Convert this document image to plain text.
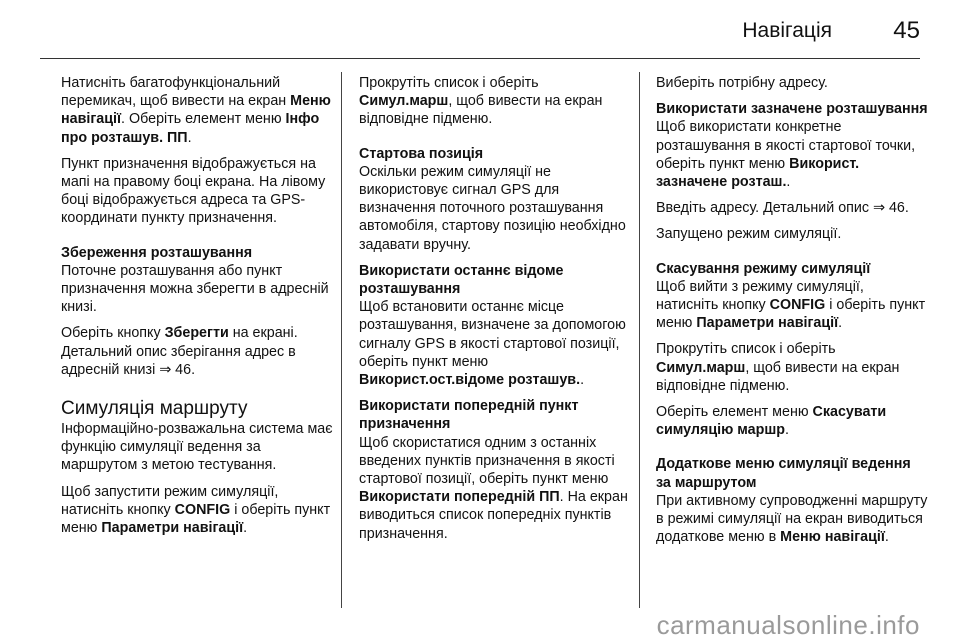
Навігація	45

Натисніть багатофункціональний перемикач, щоб вивести на екран Меню навігації. Оберіть елемент меню Інфо про розташув. ПП.

Пункт призначення відображується на мапі на правому боці екрана. На лівому боці відображується адреса та GPS-координати пункту призначення.

Збереження розташування

Поточне розташування або пункт призначення можна зберегти в адресній книзі.

Оберіть кнопку Зберегти на екрані. Детальний опис зберігання адрес в адресній книзі ⇒ 46.

Симуляція маршруту

Інформаційно-розважальна система має функцію симуляції ведення за маршрутом з метою тестування.

Щоб запустити режим симуляції, натисніть кнопку CONFIG і оберіть пункт меню Параметри навігації.

Прокрутіть список і оберіть Симул.марш, щоб вивести на екран відповідне підменю.

Стартова позиція

Оскільки режим симуляції не використовує сигнал GPS для визначення поточного розташування автомобіля, стартову позицію необхідно задавати вручну.

Використати останнє відоме розташування

Щоб встановити останнє місце розташування, визначене за допомогою сигналу GPS в якості стартової позиції, оберіть пункт меню Використ.ост.відоме розташув..

Використати попередній пункт призначення

Щоб скористатися одним з останніх введених пунктів призначення в якості стартової позиції, оберіть пункт меню Використати попередній ПП. На екран виводиться список попередніх пунктів призначення.

Виберіть потрібну адресу.

Використати зазначене розташування

Щоб використати конкретне розташування в якості стартової точки, оберіть пункт меню Використ. зазначене розташ..

Введіть адресу. Детальний опис ⇒ 46.

Запущено режим симуляції.

Скасування режиму симуляції

Щоб вийти з режиму симуляції, натисніть кнопку CONFIG і оберіть пункт меню Параметри навігації.

Прокрутіть список і оберіть Симул.марш, щоб вивести на екран відповідне підменю.

Оберіть елемент меню Скасувати симуляцію маршр.

Додаткове меню симуляції ведення за маршрутом

При активному супроводженні маршруту в режимі симуляції на екран виводиться додаткове меню в Меню навігації.

carmanualsonline.info
